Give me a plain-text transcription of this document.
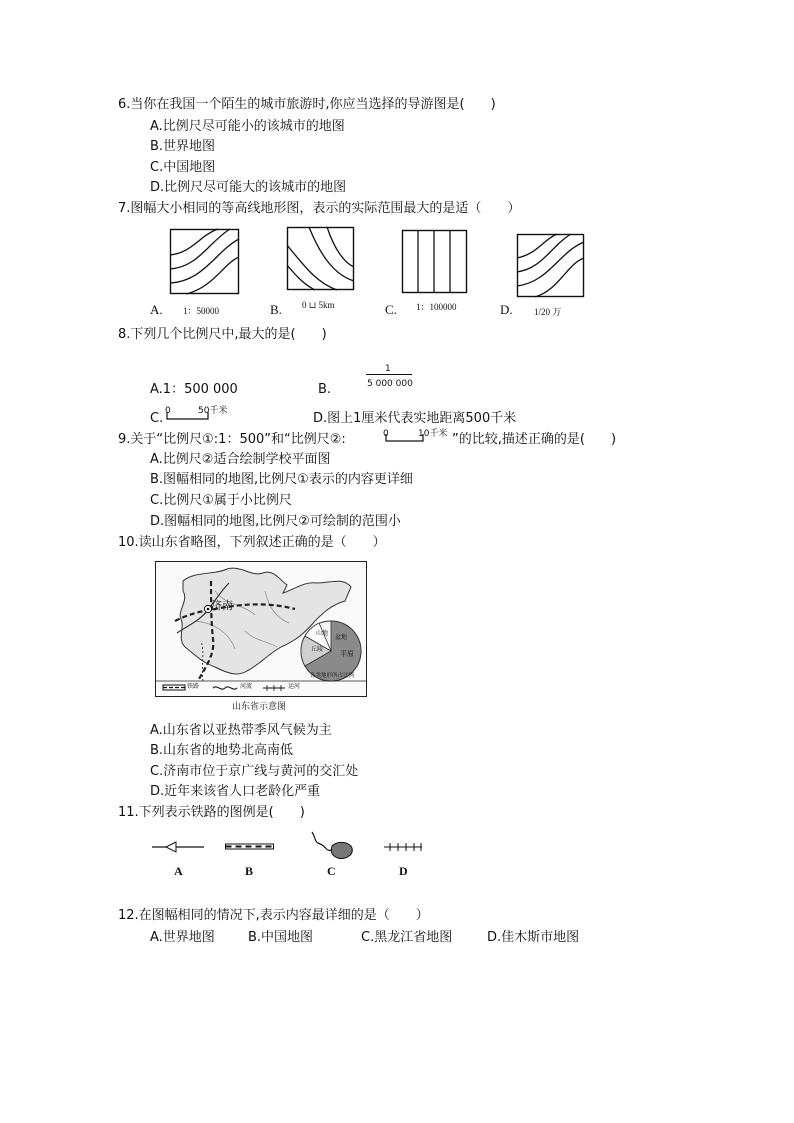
6.当你在我国一个陌生的城市旅游时,你应当选择的导游图是(　　)
A.比例尺尽可能小的该城市的地图
B.世界地图
C.中国地图
D.比例尺尽可能大的该城市的地图
7.图幅大小相同的等高线地形图，表示的实际范围最大的是适（　　）
A. 1：50000	B. 0 ⊔ 5km	C. 1：100000	D. 1/20 万
8.下列几个比例尺中,最大的是(　　)
A.1：500 000	B.
1
5 000 000
C. 0	50千米	D.图上1厘米代表实地距离500千米
9.关于“比例尺①:1：500”和“比例尺②:	0	10千米 ”的比较,描述正确的是(　　)
A.比例尺②适合绘制学校平面图
B.图幅相同的地图,比例尺①表示的内容更详细
C.比例尺①属于小比例尺
D.图幅相同的地图,比例尺②可绘制的范围小
10.读山东省略图，下列叙述正确的是（　　）
济南
盆地
丘陵
山地
平原
各类地形所占比例
铁路	河流	运河
山东省示意图
A.山东省以亚热带季风气候为主
B.山东省的地势北高南低
C.济南市位于京广线与黄河的交汇处
D.近年来该省人口老龄化严重
11.下列表示铁路的图例是(　　)
A	B	C	D
12.在图幅相同的情况下,表示内容最详细的是（　　）
A.世界地图	B.中国地图	C.黑龙江省地图	D.佳木斯市地图
